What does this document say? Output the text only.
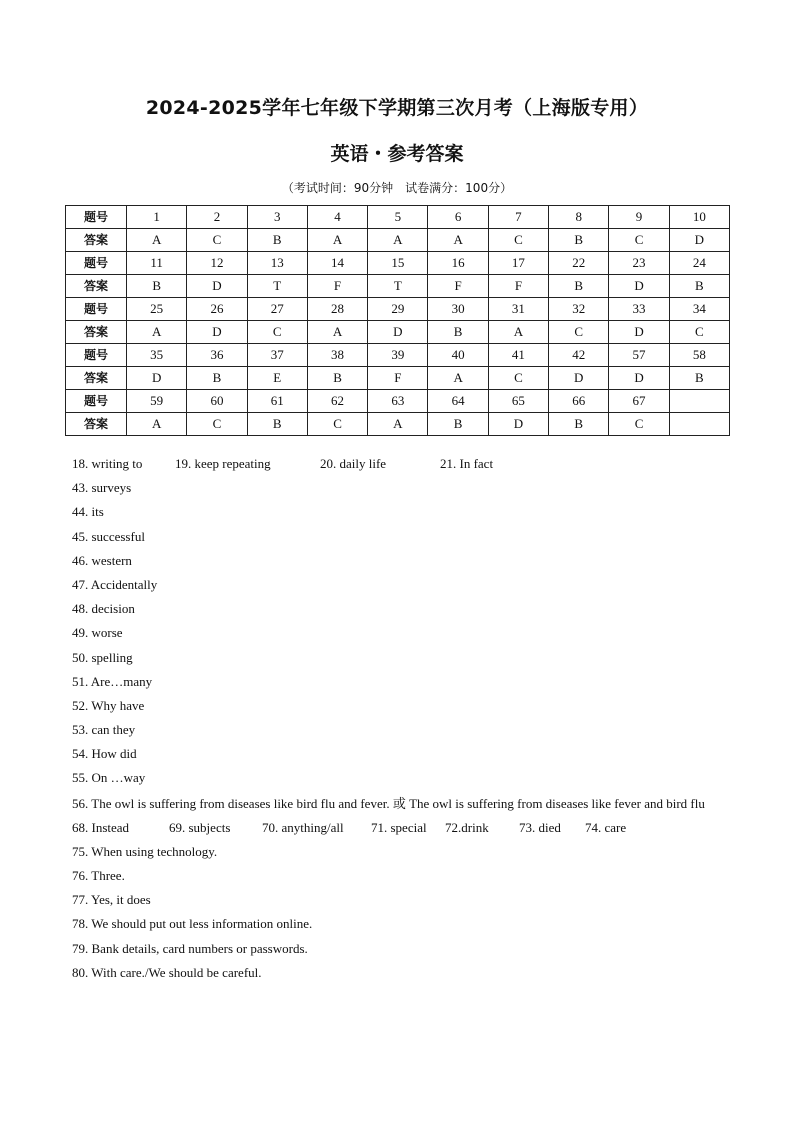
2024-2025学年七年级下学期第三次月考（上海版专用）
英语・参考答案
（考试时间：90分钟　试卷满分：100分）
题号	1	2	3	4	5	6	7	8	9	10
答案	A	C	B	A	A	A	C	B	C	D
题号	11	12	13	14	15	16	17	22	23	24
答案	B	D	T	F	T	F	F	B	D	B
题号	25	26	27	28	29	30	31	32	33	34
答案	A	D	C	A	D	B	A	C	D	C
题号	35	36	37	38	39	40	41	42	57	58
答案	D	B	E	B	F	A	C	D	D	B
题号	59	60	61	62	63	64	65	66	67	
答案	A	C	B	C	A	B	D	B	C	
18. writing to	19. keep repeating	20. daily life	21. In fact
43. surveys
44. its
45. successful
46. western
47. Accidentally
48. decision
49. worse
50. spelling
51. Are…many
52. Why have
53. can they
54. How did
55. On …way
56. The owl is suffering from diseases like bird flu and fever. 或 The owl is suffering from diseases like fever and bird flu
68. Instead	69. subjects 70. anything/all 71. special 72.drink 73. died 74. care
75. When using technology.
76. Three.
77. Yes, it does
78. We should put out less information online.
79. Bank details, card numbers or passwords.
80. With care./We should be careful.
